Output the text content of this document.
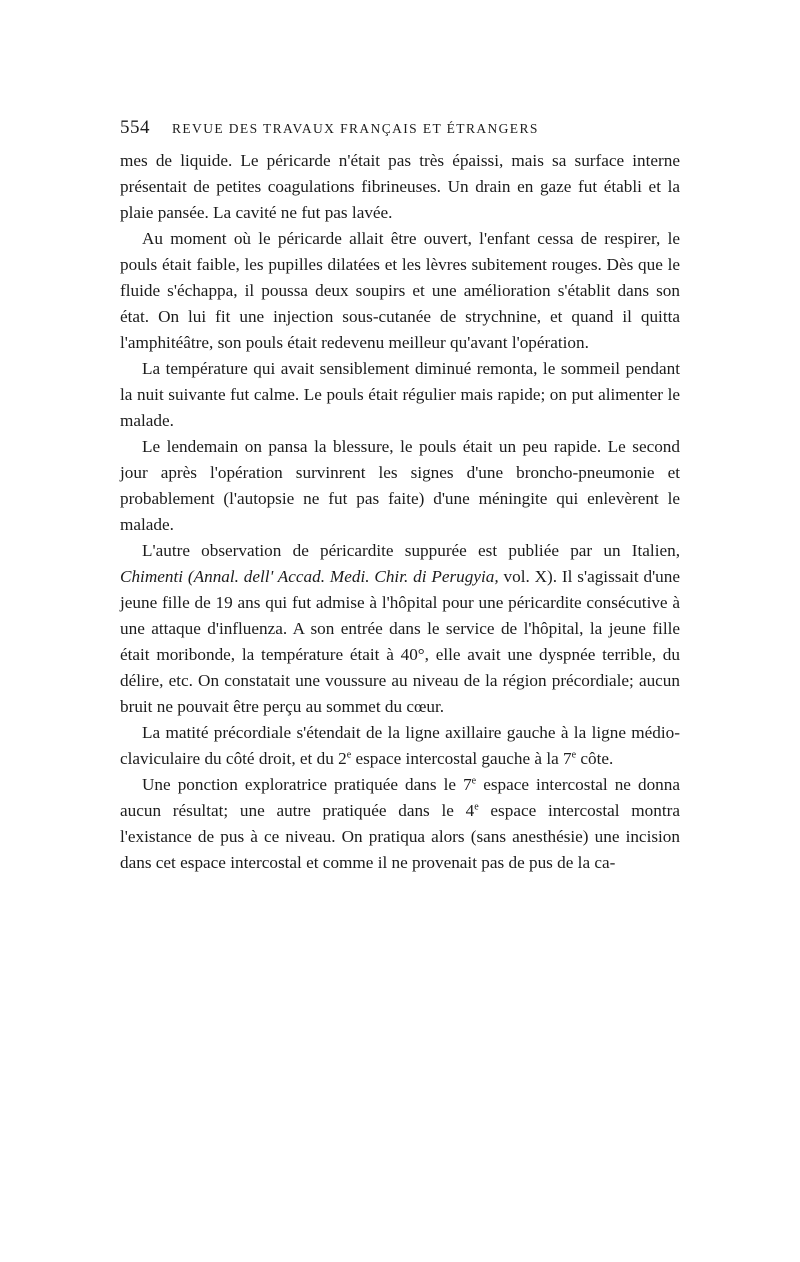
554 REVUE DES TRAVAUX FRANÇAIS ET ÉTRANGERS

mes de liquide. Le péricarde n'était pas très épaissi, mais sa surface interne présentait de petites coagulations fibrineuses. Un drain en gaze fut établi et la plaie pansée. La cavité ne fut pas lavée.

Au moment où le péricarde allait être ouvert, l'enfant cessa de respirer, le pouls était faible, les pupilles dilatées et les lèvres subitement rouges. Dès que le fluide s'échappa, il poussa deux soupirs et une amélioration s'établit dans son état. On lui fit une injection sous-cutanée de strychnine, et quand il quitta l'amphitéâtre, son pouls était redevenu meilleur qu'avant l'opération.

La température qui avait sensiblement diminué remonta, le sommeil pendant la nuit suivante fut calme. Le pouls était régulier mais rapide; on put alimenter le malade.

Le lendemain on pansa la blessure, le pouls était un peu rapide. Le second jour après l'opération survinrent les signes d'une broncho-pneumonie et probablement (l'autopsie ne fut pas faite) d'une méningite qui enlevèrent le malade.

L'autre observation de péricardite suppurée est publiée par un Italien, Chimenti (Annal. dell' Accad. Medi. Chir. di Perugyia, vol. X). Il s'agissait d'une jeune fille de 19 ans qui fut admise à l'hôpital pour une péricardite consécutive à une attaque d'influenza. A son entrée dans le service de l'hôpital, la jeune fille était moribonde, la température était à 40°, elle avait une dyspnée terrible, du délire, etc. On constatait une voussure au niveau de la région précordiale; aucun bruit ne pouvait être perçu au sommet du cœur.

La matité précordiale s'étendait de la ligne axillaire gauche à la ligne médio-claviculaire du côté droit, et du 2e espace intercostal gauche à la 7e côte.

Une ponction exploratrice pratiquée dans le 7e espace intercostal ne donna aucun résultat; une autre pratiquée dans le 4e espace intercostal montra l'existance de pus à ce niveau. On pratiqua alors (sans anesthésie) une incision dans cet espace intercostal et comme il ne provenait pas de pus de la ca-
